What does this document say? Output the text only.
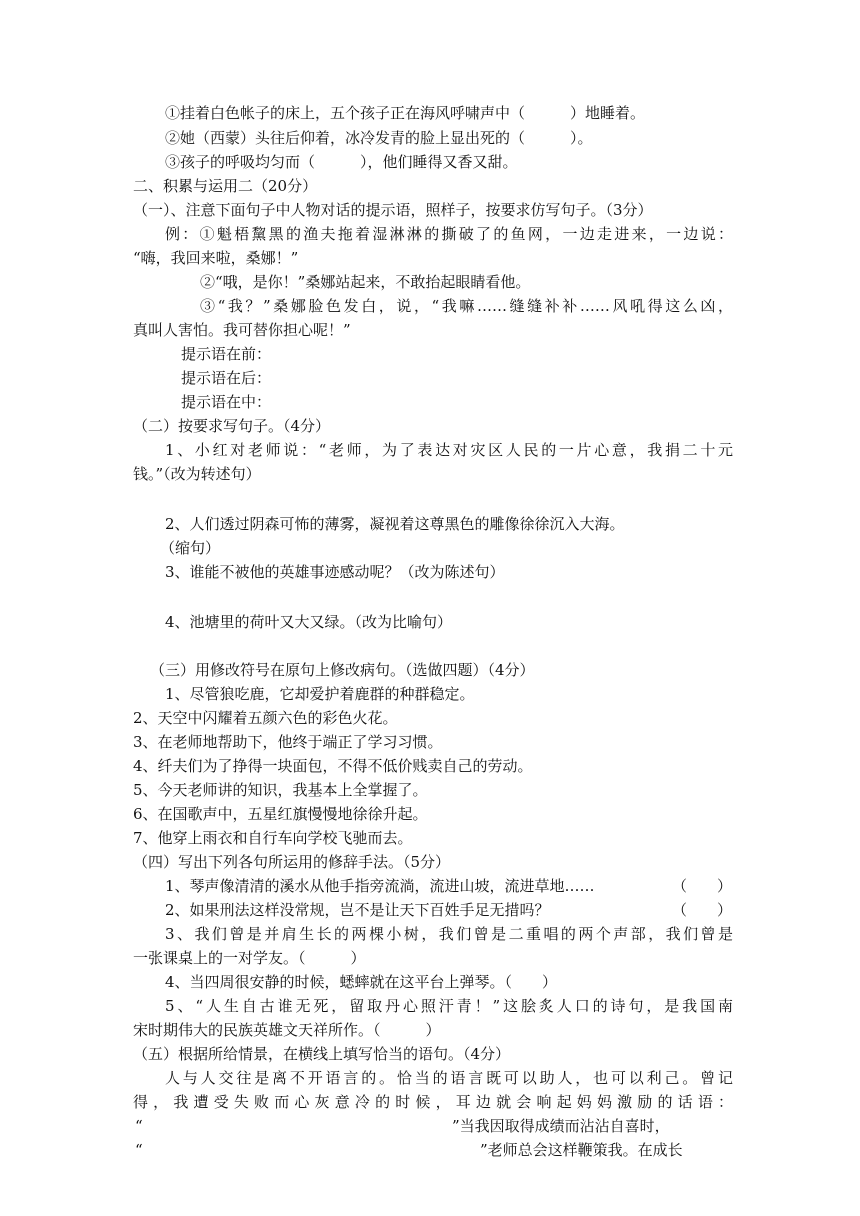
①挂着白色帐子的床上，五个孩子正在海风呼啸声中（　　　）地睡着。
②她（西蒙）头往后仰着，冰冷发青的脸上显出死的（　　　）。
③孩子的呼吸均匀而（　　　），他们睡得又香又甜。
二、积累与运用二（20分）
（一）、注意下面句子中人物对话的提示语，照样子，按要求仿写句子。（3分）
例：①魁梧黧黑的渔夫拖着湿淋淋的撕破了的鱼网，一边走进来，一边说：
“嗨，我回来啦，桑娜！”
②“哦，是你！”桑娜站起来，不敢抬起眼睛看他。
③“我？”桑娜脸色发白，说，“我嘛……缝缝补补……风吼得这么凶，
真叫人害怕。我可替你担心呢！”
提示语在前：
提示语在后：
提示语在中：
（二）按要求写句子。（4分）
1、小红对老师说：“老师，为了表达对灾区人民的一片心意，我捐二十元
钱。”（改为转述句）
2、人们透过阴森可怖的薄雾，凝视着这尊黑色的雕像徐徐沉入大海。
（缩句）
3、谁能不被他的英雄事迹感动呢？（改为陈述句）
4、池塘里的荷叶又大又绿。（改为比喻句）
（三）用修改符号在原句上修改病句。（选做四题）（4分）
1、尽管狼吃鹿，它却爱护着鹿群的种群稳定。
2、天空中闪耀着五颜六色的彩色火花。
3、在老师地帮助下，他终于端正了学习习惯。
4、纤夫们为了挣得一块面包，不得不低价贱卖自己的劳动。
5、今天老师讲的知识，我基本上全掌握了。
6、在国歌声中，五星红旗慢慢地徐徐升起。
7、他穿上雨衣和自行车向学校飞驰而去。
（四）写出下列各句所运用的修辞手法。（5分）
1、琴声像清清的溪水从他手指旁流淌，流进山坡，流进草地……	（　　）
2、如果刑法这样没常规，岂不是让天下百姓手足无措吗？	（　　）
3、我们曾是并肩生长的两棵小树，我们曾是二重唱的两个声部，我们曾是
一张课桌上的一对学友。（　　　）
4、当四周很安静的时候，蟋蟀就在这平台上弹琴。（　　）
5、“人生自古谁无死，留取丹心照汗青！”这脍炙人口的诗句，是我国南
宋时期伟大的民族英雄文天祥所作。（　　　）
（五）根据所给情景，在横线上填写恰当的语句。（4分）
人与人交往是离不开语言的。恰当的语言既可以助人，也可以利己。曾记
得，我遭受失败而心灰意冷的时候，耳边就会响起妈妈激励的话语：
“	”当我因取得成绩而沾沾自喜时，
“	”老师总会这样鞭策我。在成长
